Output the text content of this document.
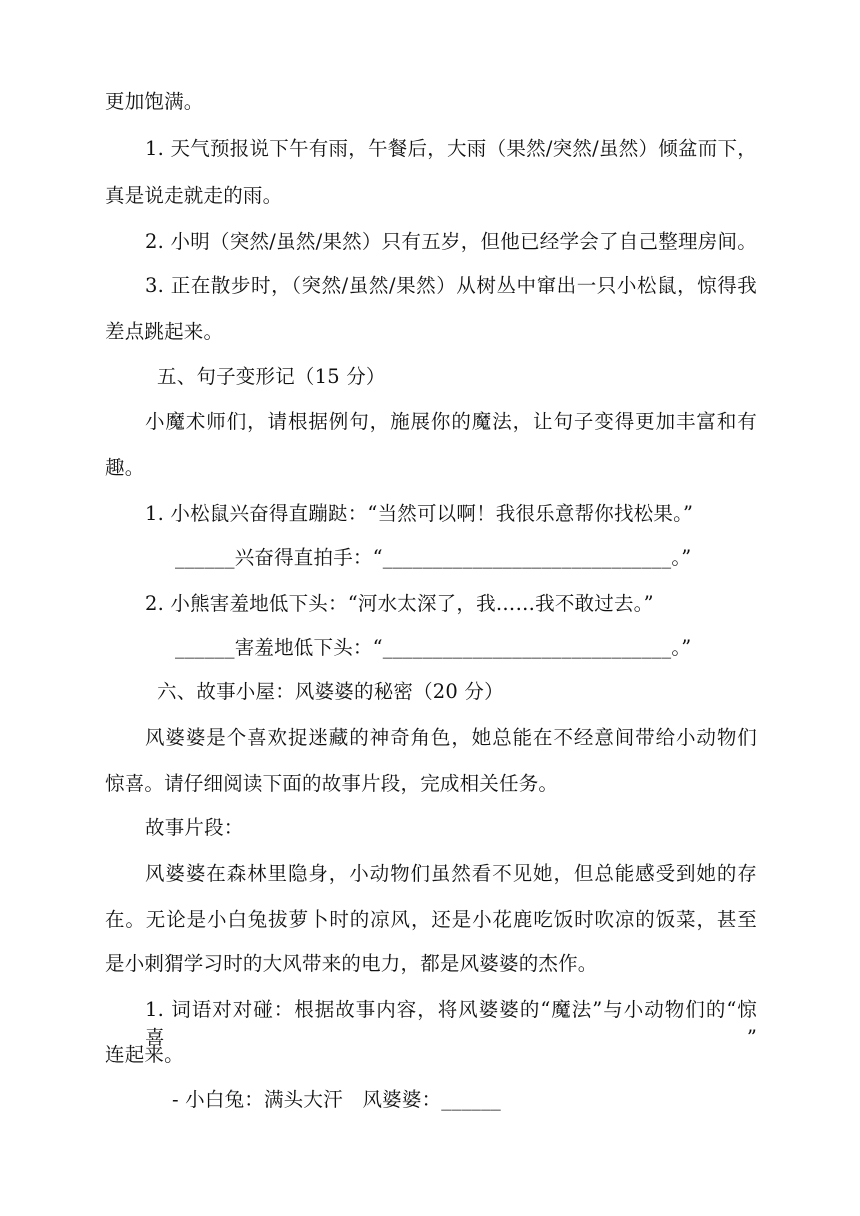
更加饱满。
1. 天气预报说下午有雨，午餐后，大雨（果然/突然/虽然）倾盆而下，
真是说走就走的雨。
2. 小明（突然/虽然/果然）只有五岁，但他已经学会了自己整理房间。
3. 正在散步时，（突然/虽然/果然）从树丛中窜出一只小松鼠，惊得我
差点跳起来。
五、句子变形记（15 分）
小魔术师们，请根据例句，施展你的魔法，让句子变得更加丰富和有
趣。
1. 小松鼠兴奋得直蹦跶：“当然可以啊！我很乐意帮你找松果。”
______兴奋得直拍手：“_____________________________。”
2. 小熊害羞地低下头：“河水太深了，我……我不敢过去。”
______害羞地低下头：“_____________________________。”
六、故事小屋：风婆婆的秘密（20 分）
风婆婆是个喜欢捉迷藏的神奇角色，她总能在不经意间带给小动物们
惊喜。请仔细阅读下面的故事片段，完成相关任务。
故事片段：
风婆婆在森林里隐身，小动物们虽然看不见她，但总能感受到她的存
在。无论是小白兔拔萝卜时的凉风，还是小花鹿吃饭时吹凉的饭菜，甚至
是小刺猬学习时的大风带来的电力，都是风婆婆的杰作。
1. 词语对对碰：根据故事内容，将风婆婆的“魔法”与小动物们的“惊喜”
连起来。
- 小白兔：满头大汗　风婆婆：______
